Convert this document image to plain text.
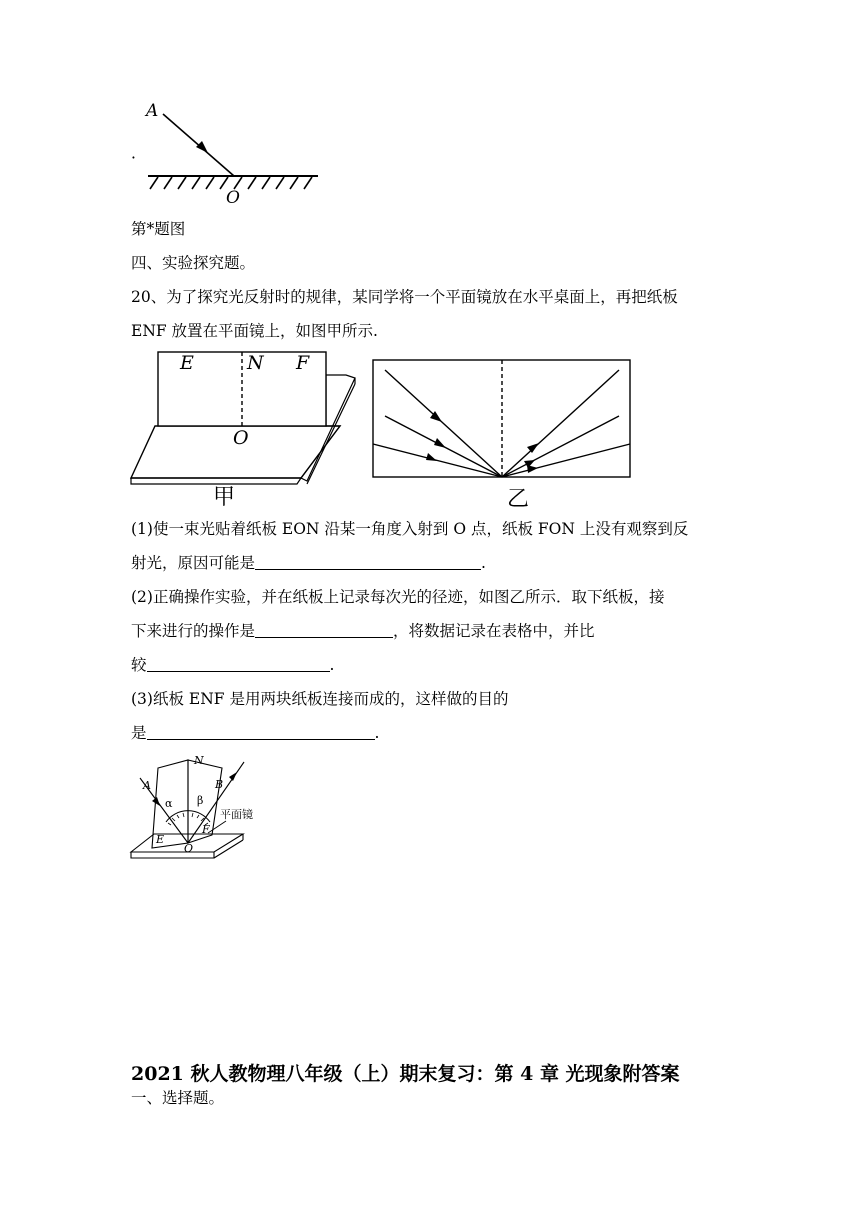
A
O
·
第*题图
四、实验探究题。
20、为了探究光反射时的规律，某同学将一个平面镜放在水平桌面上，再把纸板
ENF 放置在平面镜上，如图甲所示.
E	N F
O
甲	乙
(1)使一束光贴着纸板 EON 沿某一角度入射到 O 点，纸板 FON 上没有观察到反
射光，原因可能是	.
(2)正确操作实验，并在纸板上记录每次光的径迹，如图乙所示．取下纸板，接
下来进行的操作是	，将数据记录在表格中，并比
较	.
(3)纸板 ENF 是用两块纸板连接而成的，这样做的目的
是	.
A
N
B
α β
平面镜
E
F
O
2021 秋人教物理八年级（上）期末复习：第 4 章 光现象附答案
一、选择题。
